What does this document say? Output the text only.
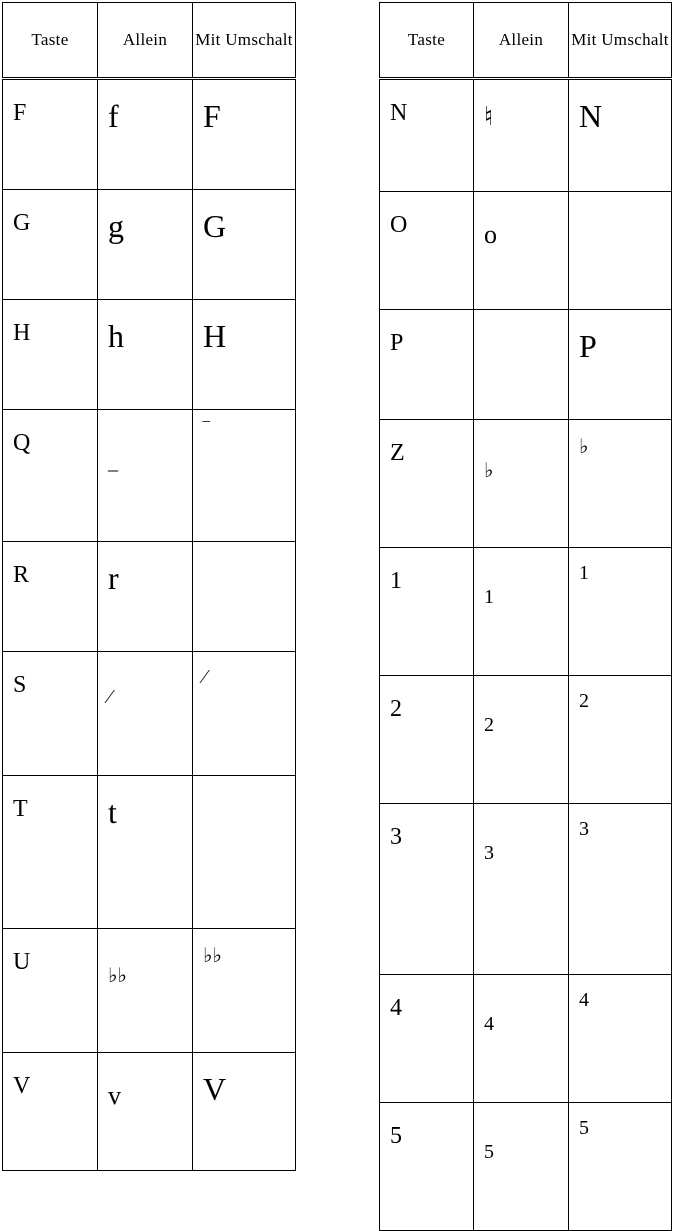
Taste	Allein	Mit Umschalt
F	f	F
G	g	G
H	h	H
Q	_	‾
R	r	
S	⁄	⁄
T	t	
U	♭♭	♭♭
V	v	V
Taste	Allein	Mit Umschalt
N	♮	N
O	o	
P		P
Z	♭	♭
1	1	1
2	2	2
3	3	3
4	4	4
5	5	5
